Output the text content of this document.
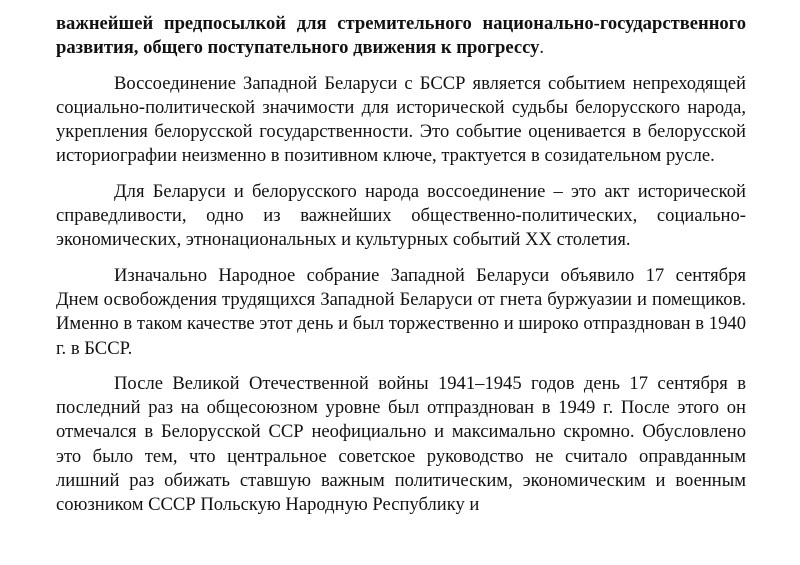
важнейшей предпосылкой для стремительного национально-государственного развития, общего поступательного движения к прогрессу.

Воссоединение Западной Беларуси с БССР является событием непреходящей социально-политической значимости для исторической судьбы белорусского народа, укрепления белорусской государственности. Это событие оценивается в белорусской историографии неизменно в позитивном ключе, трактуется в созидательном русле.

Для Беларуси и белорусского народа воссоединение – это акт исторической справедливости, одно из важнейших общественно-политических, социально-экономических, этнонациональных и культурных событий XX столетия.

Изначально Народное собрание Западной Беларуси объявило 17 сентября Днем освобождения трудящихся Западной Беларуси от гнета буржуазии и помещиков. Именно в таком качестве этот день и был торжественно и широко отпразднован в 1940 г. в БССР.

После Великой Отечественной войны 1941–1945 годов день 17 сентября в последний раз на общесоюзном уровне был отпразднован в 1949 г. После этого он отмечался в Белорусской ССР неофициально и максимально скромно. Обусловлено это было тем, что центральное советское руководство не считало оправданным лишний раз обижать ставшую важным политическим, экономическим и военным союзником СССР Польскую Народную Республику и
